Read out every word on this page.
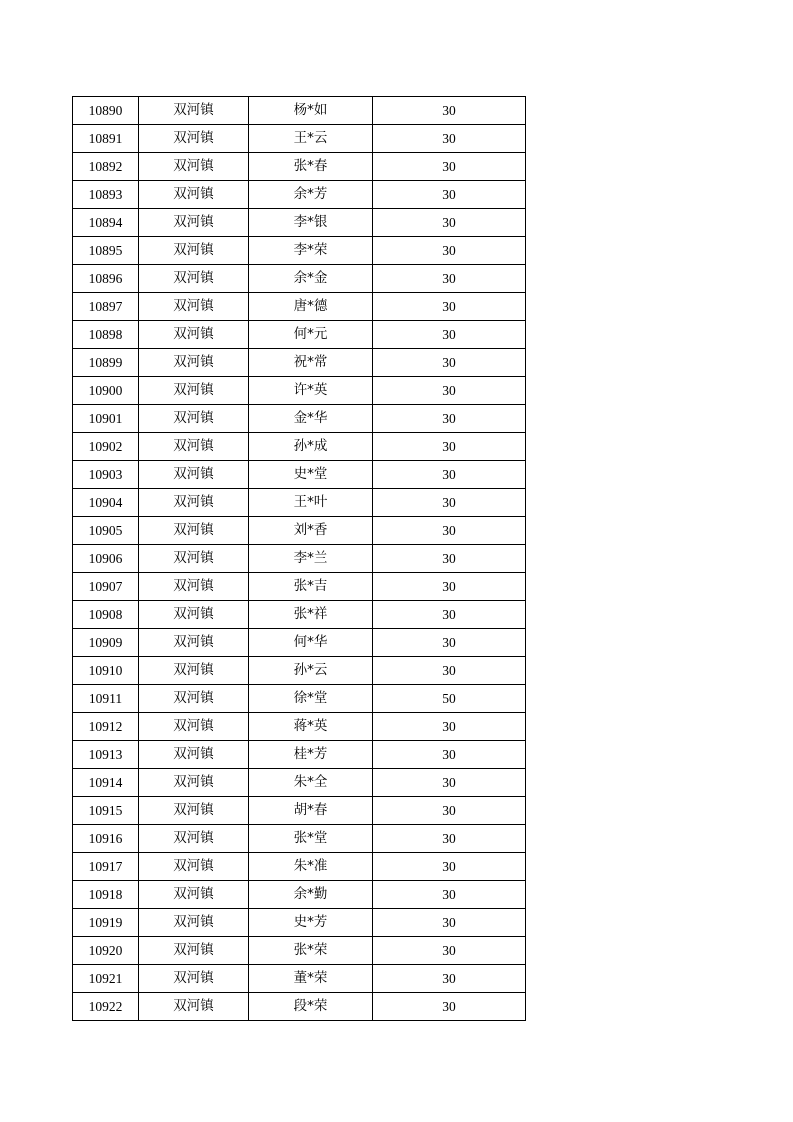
10890	双河镇	杨*如	30
10891	双河镇	王*云	30
10892	双河镇	张*春	30
10893	双河镇	余*芳	30
10894	双河镇	李*银	30
10895	双河镇	李*荣	30
10896	双河镇	余*金	30
10897	双河镇	唐*德	30
10898	双河镇	何*元	30
10899	双河镇	祝*常	30
10900	双河镇	许*英	30
10901	双河镇	金*华	30
10902	双河镇	孙*成	30
10903	双河镇	史*堂	30
10904	双河镇	王*叶	30
10905	双河镇	刘*香	30
10906	双河镇	李*兰	30
10907	双河镇	张*吉	30
10908	双河镇	张*祥	30
10909	双河镇	何*华	30
10910	双河镇	孙*云	30
10911	双河镇	徐*堂	50
10912	双河镇	蒋*英	30
10913	双河镇	桂*芳	30
10914	双河镇	朱*全	30
10915	双河镇	胡*春	30
10916	双河镇	张*堂	30
10917	双河镇	朱*准	30
10918	双河镇	余*勤	30
10919	双河镇	史*芳	30
10920	双河镇	张*荣	30
10921	双河镇	董*荣	30
10922	双河镇	段*荣	30
